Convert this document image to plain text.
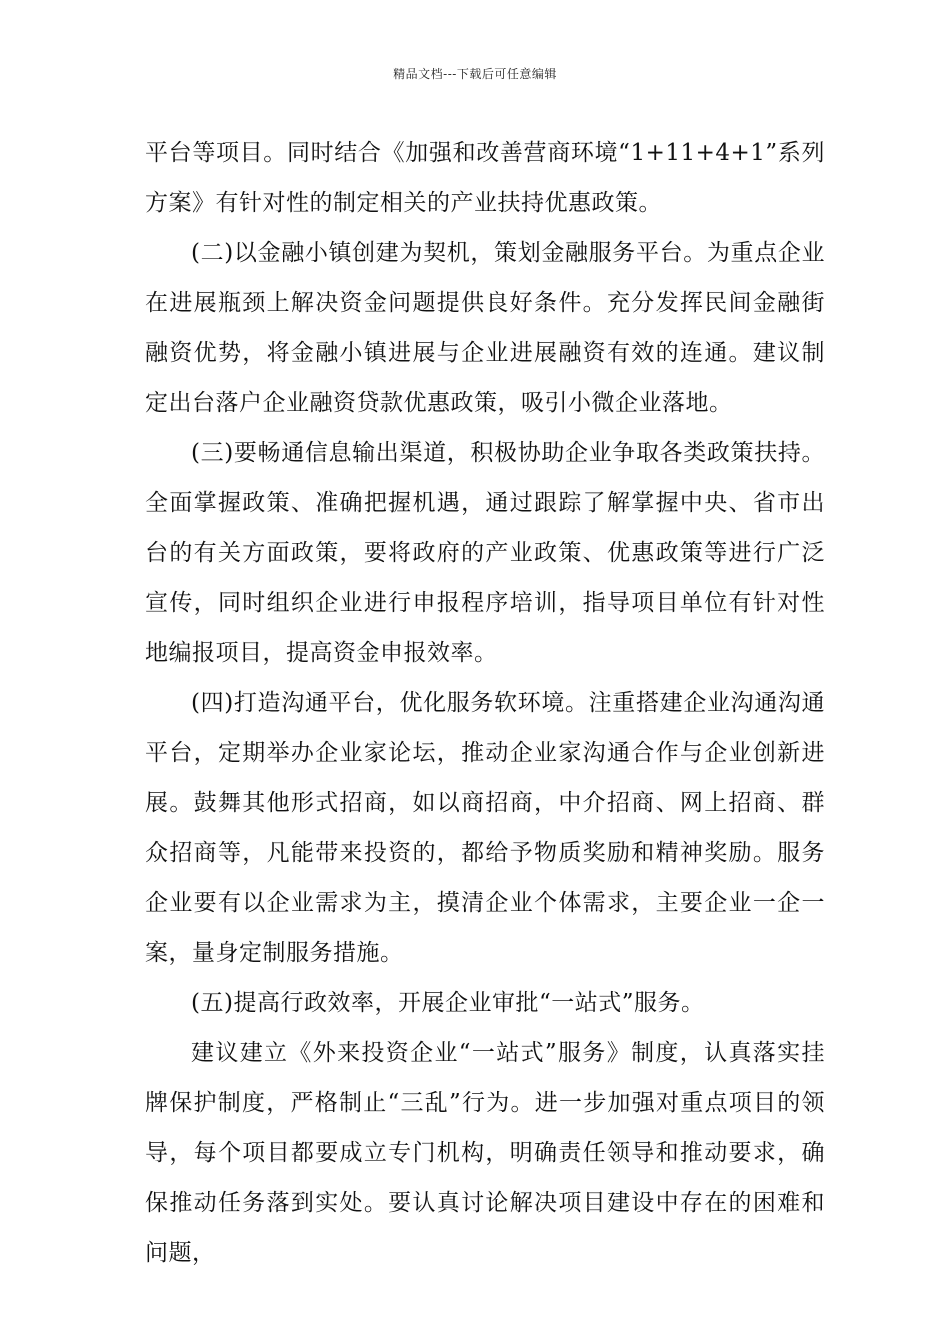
精品文档---下载后可任意编辑

平台等项目。同时结合《加强和改善营商环境“1+11+4+1”系列方案》有针对性的制定相关的产业扶持优惠政策。

(二)以金融小镇创建为契机，策划金融服务平台。为重点企业在进展瓶颈上解决资金问题提供良好条件。充分发挥民间金融街融资优势，将金融小镇进展与企业进展融资有效的连通。建议制定出台落户企业融资贷款优惠政策，吸引小微企业落地。

(三)要畅通信息输出渠道，积极协助企业争取各类政策扶持。全面掌握政策、准确把握机遇，通过跟踪了解掌握中央、省市出台的有关方面政策，要将政府的产业政策、优惠政策等进行广泛宣传，同时组织企业进行申报程序培训，指导项目单位有针对性地编报项目，提高资金申报效率。

(四)打造沟通平台，优化服务软环境。注重搭建企业沟通沟通平台，定期举办企业家论坛，推动企业家沟通合作与企业创新进展。鼓舞其他形式招商，如以商招商，中介招商、网上招商、群众招商等，凡能带来投资的，都给予物质奖励和精神奖励。服务企业要有以企业需求为主，摸清企业个体需求，主要企业一企一案，量身定制服务措施。

(五)提高行政效率，开展企业审批“一站式”服务。

建议建立《外来投资企业“一站式”服务》制度，认真落实挂牌保护制度，严格制止“三乱”行为。进一步加强对重点项目的领导，每个项目都要成立专门机构，明确责任领导和推动要求，确保推动任务落到实处。要认真讨论解决项目建设中存在的困难和问题，
